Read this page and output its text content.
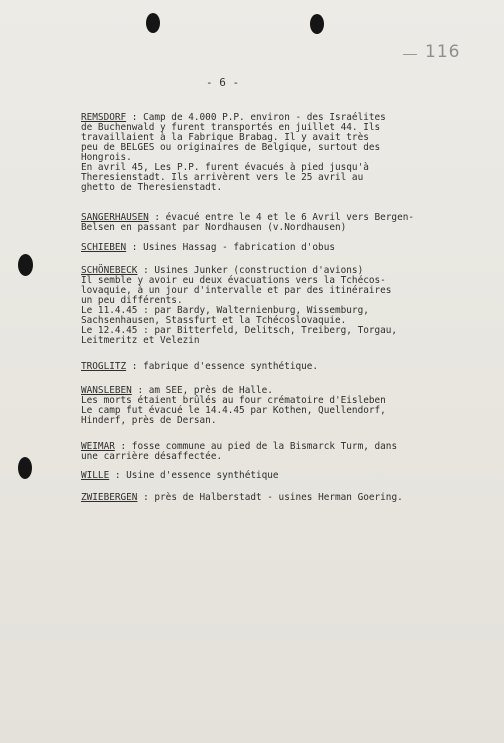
116
- 6 -
REMSDORF : Camp de 4.000 P.P. environ - des Israélites
de Buchenwald y furent transportés en juillet 44. Ils
travaillaient à la Fabrique Brabag. Il y avait très
peu de BELGES ou originaires de Belgique, surtout des
Hongrois.
En avril 45, Les P.P. furent évacués à pied jusqu'à
Theresienstadt. Ils arrivèrent vers le 25 avril au
ghetto de Theresienstadt.
SANGERHAUSEN : évacué entre le 4 et le 6 Avril vers Bergen-
Belsen en passant par Nordhausen (v.Nordhausen)
SCHIEBEN : Usines Hassag - fabrication d'obus
SCHÖNEBECK : Usines Junker (construction d'avions)
Il semble y avoir eu deux évacuations vers la Tchécos-
lovaquie, à un jour d'intervalle et par des itinéraires
un peu différents.
Le 11.4.45 : par Bardy, Walternienburg, Wissemburg,
Sachsenhausen, Stassfurt et la Tchécoslovaquie.
Le 12.4.45 : par Bitterfeld, Delitsch, Treiberg, Torgau,
Leitmeritz et Velezin
TROGLITZ : fabrique d'essence synthétique.
WANSLEBEN : am SEE, près de Halle.
Les morts étaient brûlés au four crématoire d'Eisleben
Le camp fut évacué le 14.4.45 par Kothen, Quellendorf,
Hinderf, près de Dersan.
WEIMAR : fosse commune au pied de la Bismarck Turm, dans
une carrière désaffectée.
WILLE : Usine d'essence synthétique
ZWIEBERGEN : près de Halberstadt - usines Herman Goering.
